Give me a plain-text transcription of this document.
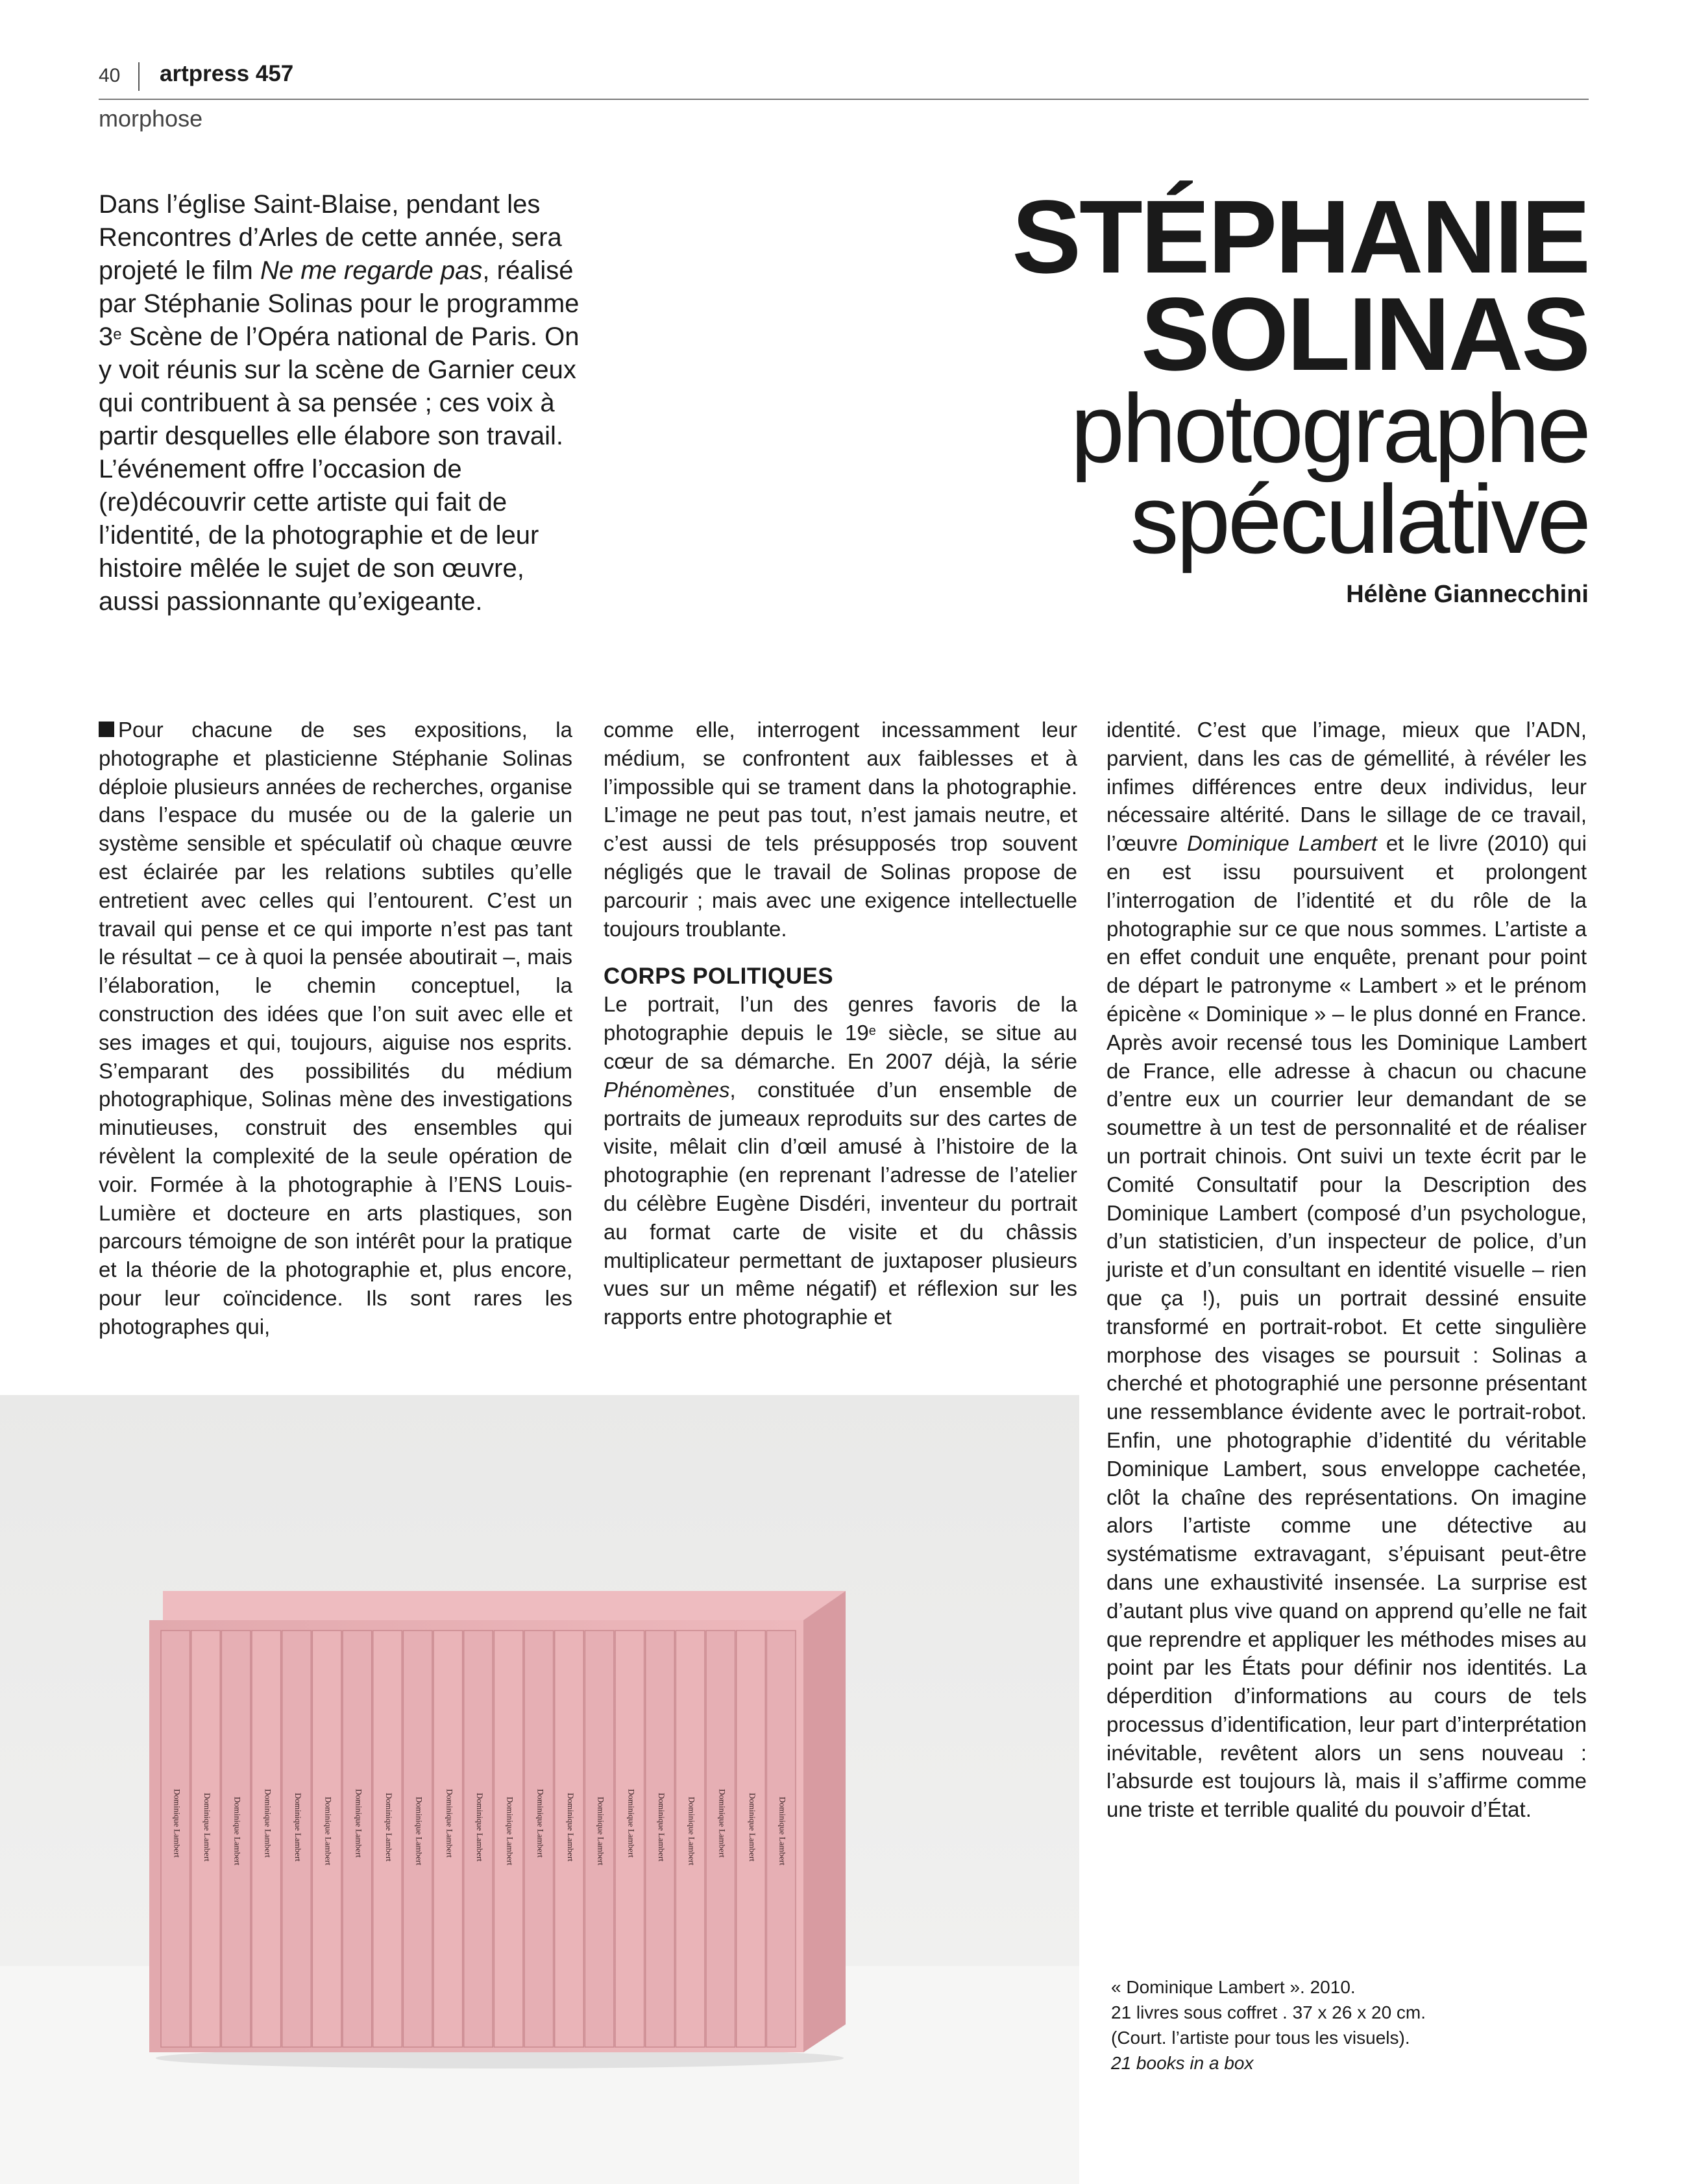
40 artpress 457
morphose
Dans l’église Saint-Blaise, pendant les Rencontres d’Arles de cette année, sera projeté le film Ne me regarde pas, réalisé par Stéphanie Solinas pour le programme 3e Scène de l’Opéra national de Paris. On y voit réunis sur la scène de Garnier ceux qui contribuent à sa pensée ; ces voix à partir desquelles elle élabore son travail. L’événement offre l’occasion de (re)découvrir cette artiste qui fait de l’identité, de la photographie et de leur histoire mêlée le sujet de son œuvre, aussi passionnante qu’exigeante.
STÉPHANIE
SOLINAS
photographe
spéculative
Hélène Giannecchini

Pour chacune de ses expositions, la photographe et plasticienne Stéphanie Solinas déploie plusieurs années de recherches, organise dans l’espace du musée ou de la galerie un système sensible et spéculatif où chaque œuvre est éclairée par les relations subtiles qu’elle entretient avec celles qui l’entourent. C’est un travail qui pense et ce qui importe n’est pas tant le résultat – ce à quoi la pensée aboutirait –, mais l’élaboration, le chemin conceptuel, la construction des idées que l’on suit avec elle et ses images et qui, toujours, aiguise nos esprits. S’emparant des possibilités du médium photographique, Solinas mène des investigations minutieuses, construit des ensembles qui révèlent la complexité de la seule opération de voir. Formée à la photographie à l’ENS Louis-Lumière et docteure en arts plastiques, son parcours témoigne de son intérêt pour la pratique et la théorie de la photographie et, plus encore, pour leur coïncidence. Ils sont rares les photographes qui,

comme elle, interrogent incessamment leur médium, se confrontent aux faiblesses et à l’impossible qui se trament dans la photographie. L’image ne peut pas tout, n’est jamais neutre, et c’est aussi de tels présupposés trop souvent négligés que le travail de Solinas propose de parcourir ; mais avec une exigence intellectuelle toujours troublante.

CORPS POLITIQUES

Le portrait, l’un des genres favoris de la photographie depuis le 19e siècle, se situe au cœur de sa démarche. En 2007 déjà, la série Phénomènes, constituée d’un ensemble de portraits de jumeaux reproduits sur des cartes de visite, mêlait clin d’œil amusé à l’histoire de la photographie (en reprenant l’adresse de l’atelier du célèbre Eugène Disdéri, inventeur du portrait au format carte de visite et du châssis multiplicateur permettant de juxtaposer plusieurs vues sur un même négatif) et réflexion sur les rapports entre photographie et

identité. C’est que l’image, mieux que l’ADN, parvient, dans les cas de gémellité, à révéler les infimes différences entre deux individus, leur nécessaire altérité. Dans le sillage de ce travail, l’œuvre Dominique Lambert et le livre (2010) qui en est issu poursuivent et prolongent l’interrogation de l’identité et du rôle de la photographie sur ce que nous sommes. L’artiste a en effet conduit une enquête, prenant pour point de départ le patronyme « Lambert » et le prénom épicène « Dominique » – le plus donné en France. Après avoir recensé tous les Dominique Lambert de France, elle adresse à chacun ou chacune d’entre eux un courrier leur demandant de se soumettre à un test de personnalité et de réaliser un portrait chinois. Ont suivi un texte écrit par le Comité Consultatif pour la Description des Dominique Lambert (composé d’un psychologue, d’un statisticien, d’un inspecteur de police, d’un juriste et d’un consultant en identité visuelle – rien que ça !), puis un portrait dessiné ensuite transformé en portrait-robot. Et cette singulière morphose des visages se poursuit : Solinas a cherché et photographié une personne présentant une ressemblance évidente avec le portrait-robot. Enfin, une photographie d’identité du véritable Dominique Lambert, sous enveloppe cachetée, clôt la chaîne des représentations. On imagine alors l’artiste comme une détective au systématisme extravagant, s’épuisant peut-être dans une exhaustivité insensée. La surprise est d’autant plus vive quand on apprend qu’elle ne fait que reprendre et appliquer les méthodes mises au point par les États pour définir nos identités. La déperdition d’informations au cours de tels processus d’identification, leur part d’interprétation inévitable, revêtent alors un sens nouveau : l’absurde est toujours là, mais il s’affirme comme une triste et terrible qualité du pouvoir d’État.

Dominique Lambert Dominique Lambert Dominique Lambert Dominique Lambert Dominique Lambert Dominique Lambert Dominique Lambert Dominique Lambert Dominique Lambert Dominique Lambert Dominique Lambert Dominique Lambert Dominique Lambert Dominique Lambert Dominique Lambert Dominique Lambert Dominique Lambert Dominique Lambert Dominique Lambert Dominique Lambert Dominique Lambert
« Dominique Lambert ». 2010.
21 livres sous coffret . 37 x 26 x 20 cm.
(Court. l’artiste pour tous les visuels).
21 books in a box
